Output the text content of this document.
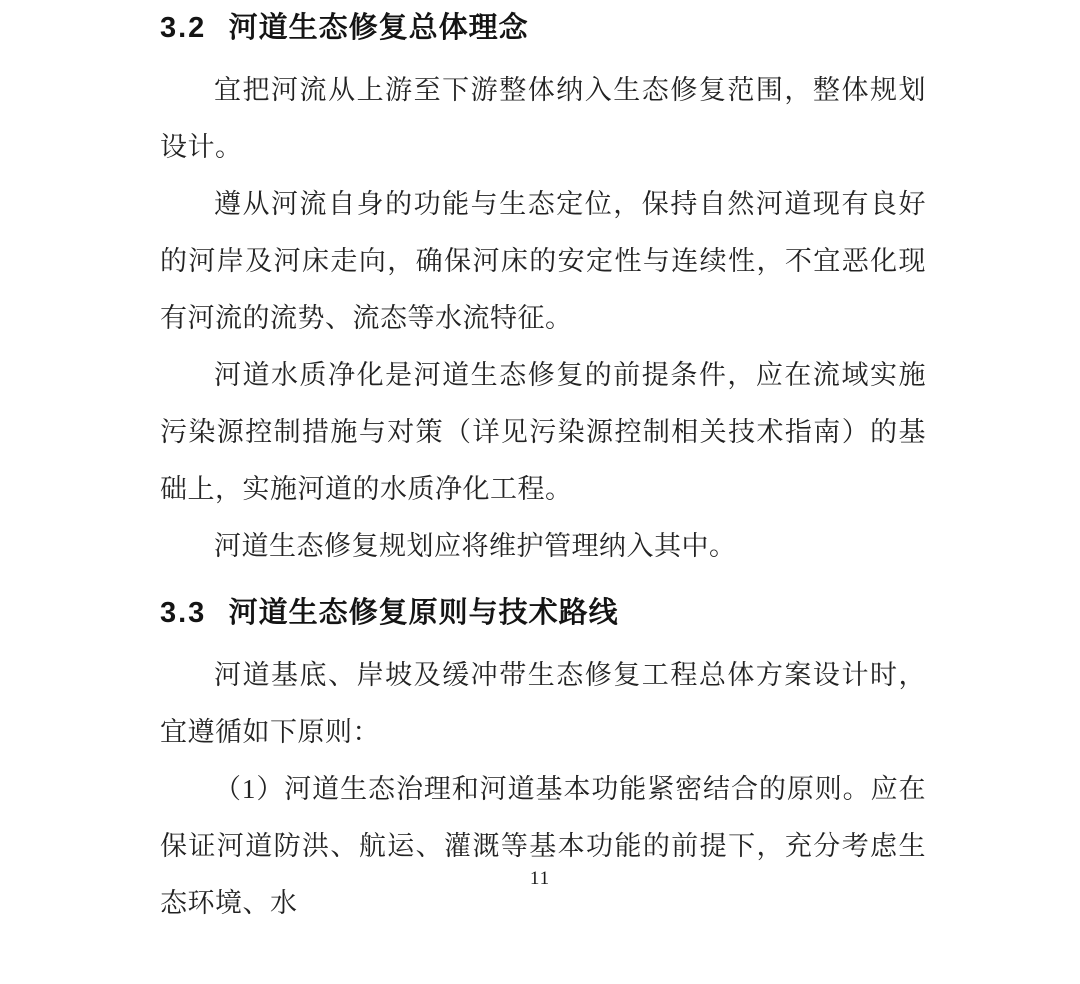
3.2 河道生态修复总体理念

宜把河流从上游至下游整体纳入生态修复范围，整体规划设计。

遵从河流自身的功能与生态定位，保持自然河道现有良好的河岸及河床走向，确保河床的安定性与连续性，不宜恶化现有河流的流势、流态等水流特征。

河道水质净化是河道生态修复的前提条件，应在流域实施污染源控制措施与对策（详见污染源控制相关技术指南）的基础上，实施河道的水质净化工程。

河道生态修复规划应将维护管理纳入其中。

3.3 河道生态修复原则与技术路线

河道基底、岸坡及缓冲带生态修复工程总体方案设计时，宜遵循如下原则：

（1）河道生态治理和河道基本功能紧密结合的原则。应在保证河道防洪、航运、灌溉等基本功能的前提下，充分考虑生态环境、水

11
